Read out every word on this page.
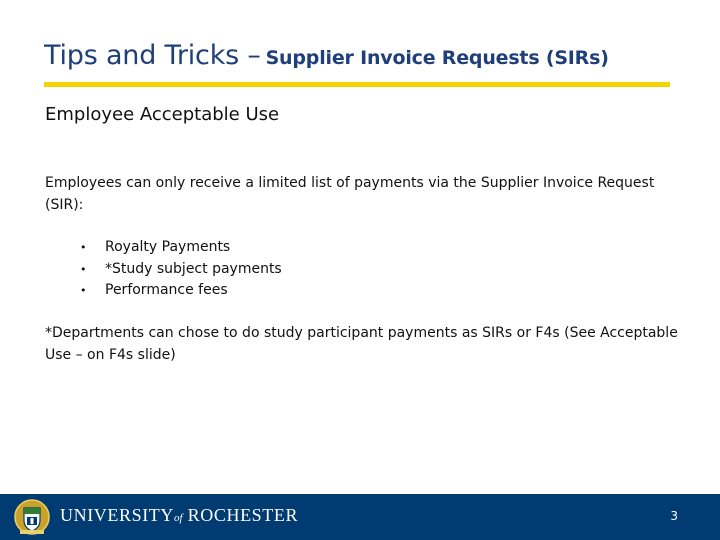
Tips and Tricks – Supplier Invoice Requests (SIRs)
Employee Acceptable Use
Employees can only receive a limited list of payments via the Supplier Invoice Request (SIR):
• Royalty Payments
• *Study subject payments
• Performance fees
*Departments can chose to do study participant payments as SIRs or F4s (See Acceptable Use – on F4s slide)
UNIVERSITYof ROCHESTER	3
